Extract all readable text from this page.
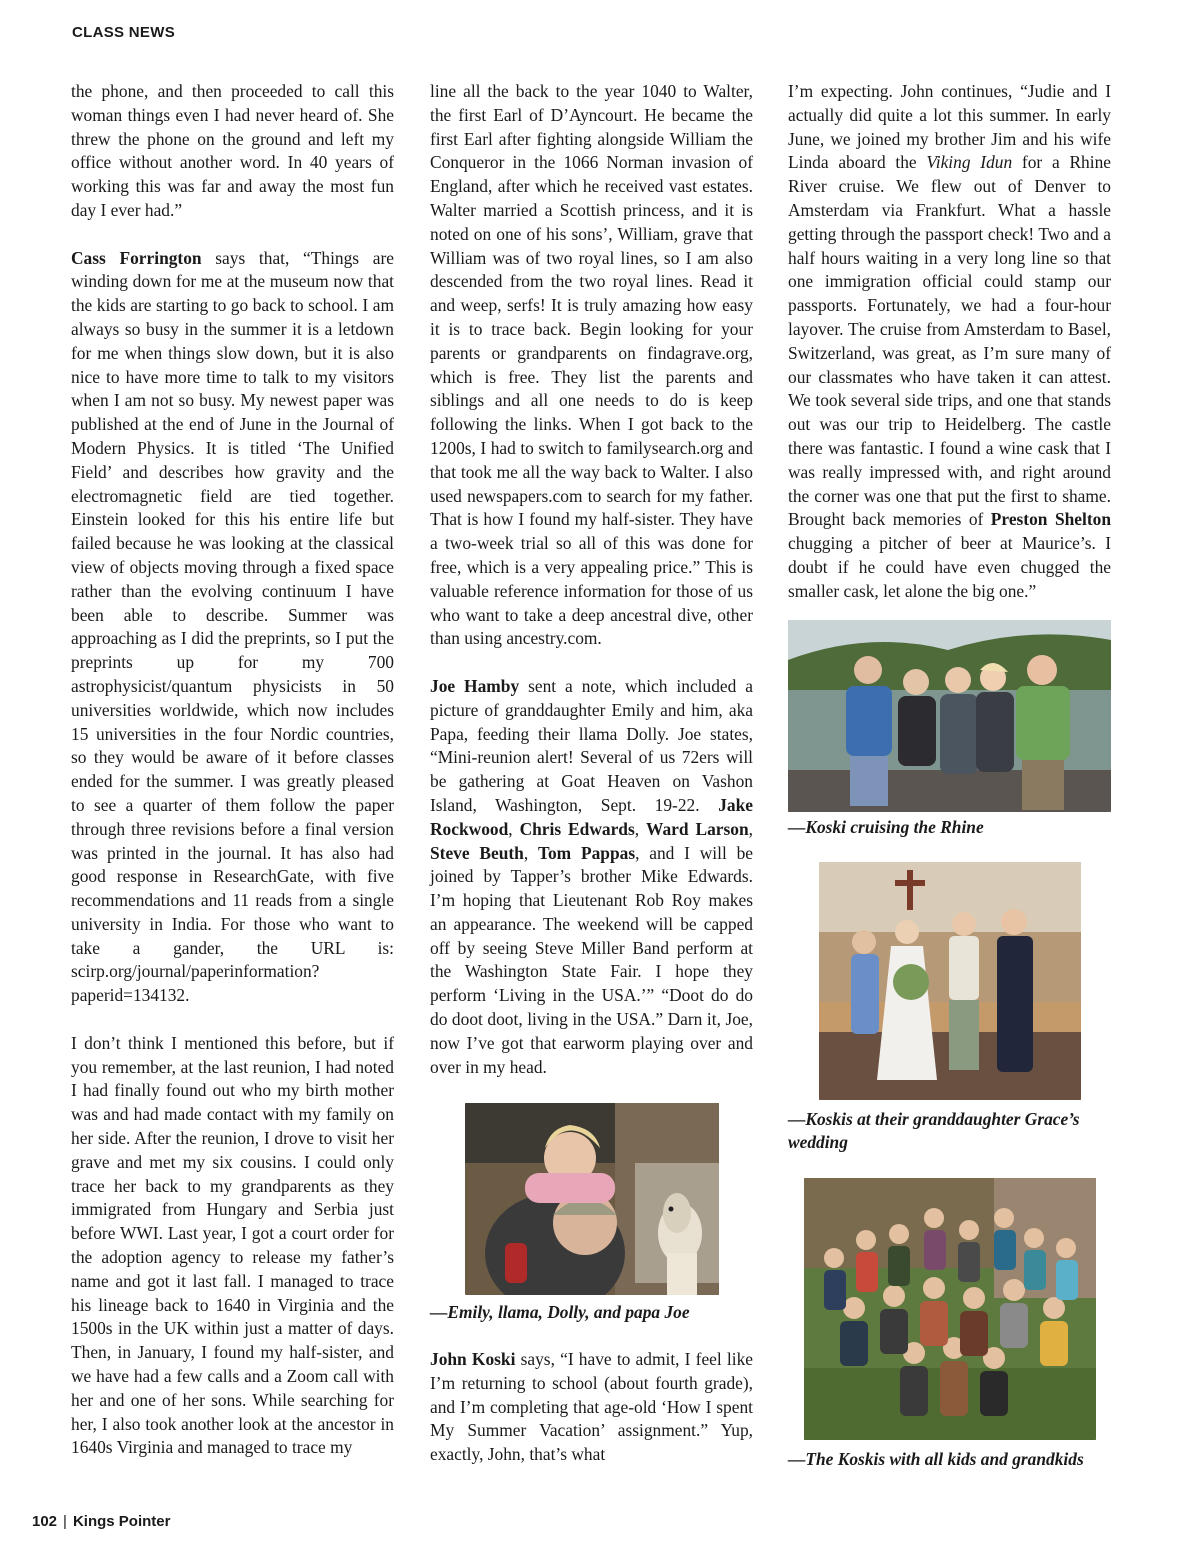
CLASS NEWS

the phone, and then proceeded to call this woman things even I had never heard of. She threw the phone on the ground and left my office without another word. In 40 years of working this was far and away the most fun day I ever had.”

Cass Forrington says that, “Things are winding down for me at the museum now that the kids are starting to go back to school. I am always so busy in the summer it is a letdown for me when things slow down, but it is also nice to have more time to talk to my visitors when I am not so busy. My newest paper was published at the end of June in the Journal of Modern Physics. It is titled ‘The Unified Field’ and describes how gravity and the electromagnetic field are tied together. Einstein looked for this his entire life but failed because he was looking at the classical view of objects moving through a fixed space rather than the evolving continuum I have been able to describe. Summer was approaching as I did the preprints, so I put the preprints up for my 700 astrophysicist/quantum physicists in 50 universities worldwide, which now includes 15 universities in the four Nordic countries, so they would be aware of it before classes ended for the summer. I was greatly pleased to see a quarter of them follow the paper through three revisions before a final version was printed in the journal. It has also had good response in ResearchGate, with five recommendations and 11 reads from a single university in India. For those who want to take a gander, the URL is: scirp.org/journal/paperinformation?paperid=134132.

I don’t think I mentioned this before, but if you remember, at the last reunion, I had noted I had finally found out who my birth mother was and had made contact with my family on her side. After the reunion, I drove to visit her grave and met my six cousins. I could only trace her back to my grandparents as they immigrated from Hungary and Serbia just before WWI. Last year, I got a court order for the adoption agency to release my father’s name and got it last fall. I managed to trace his lineage back to 1640 in Virginia and the 1500s in the UK within just a matter of days. Then, in January, I found my half-sister, and we have had a few calls and a Zoom call with her and one of her sons. While searching for her, I also took another look at the ancestor in 1640s Virginia and managed to trace my

line all the back to the year 1040 to Walter, the first Earl of D’Ayncourt. He became the first Earl after fighting alongside William the Conqueror in the 1066 Norman invasion of England, after which he received vast estates. Walter married a Scottish princess, and it is noted on one of his sons’, William, grave that William was of two royal lines, so I am also descended from the two royal lines. Read it and weep, serfs! It is truly amazing how easy it is to trace back. Begin looking for your parents or grandparents on findagrave.org, which is free. They list the parents and siblings and all one needs to do is keep following the links. When I got back to the 1200s, I had to switch to familysearch.org and that took me all the way back to Walter. I also used newspapers.com to search for my father. That is how I found my half-sister. They have a two-week trial so all of this was done for free, which is a very appealing price.” This is valuable reference information for those of us who want to take a deep ancestral dive, other than using ancestry.com.

Joe Hamby sent a note, which included a picture of granddaughter Emily and him, aka Papa, feeding their llama Dolly. Joe states, “Mini-reunion alert! Several of us 72ers will be gathering at Goat Heaven on Vashon Island, Washington, Sept. 19-22. Jake Rockwood, Chris Edwards, Ward Larson, Steve Beuth, Tom Pappas, and I will be joined by Tapper’s brother Mike Edwards. I’m hoping that Lieutenant Rob Roy makes an appearance. The weekend will be capped off by seeing Steve Miller Band perform at the Washington State Fair. I hope they perform ‘Living in the USA.’” “Doot do do do doot doot, living in the USA.” Darn it, Joe, now I’ve got that earworm playing over and over in my head.

—Emily, llama, Dolly, and papa Joe

John Koski says, “I have to admit, I feel like I’m returning to school (about fourth grade), and I’m completing that age-old ‘How I spent My Summer Vacation’ assignment.” Yup, exactly, John, that’s what

I’m expecting. John continues, “Judie and I actually did quite a lot this summer. In early June, we joined my brother Jim and his wife Linda aboard the Viking Idun for a Rhine River cruise. We flew out of Denver to Amsterdam via Frankfurt. What a hassle getting through the passport check! Two and a half hours waiting in a very long line so that one immigration official could stamp our passports. Fortunately, we had a four-hour layover. The cruise from Amsterdam to Basel, Switzerland, was great, as I’m sure many of our classmates who have taken it can attest. We took several side trips, and one that stands out was our trip to Heidelberg. The castle there was fantastic. I found a wine cask that I was really impressed with, and right around the corner was one that put the first to shame. Brought back memories of Preston Shelton chugging a pitcher of beer at Maurice’s. I doubt if he could have even chugged the smaller cask, let alone the big one.”

—Koski cruising the Rhine

—Koskis at their granddaughter Grace’s wedding

—The Koskis with all kids and grandkids

102 | Kings Pointer
